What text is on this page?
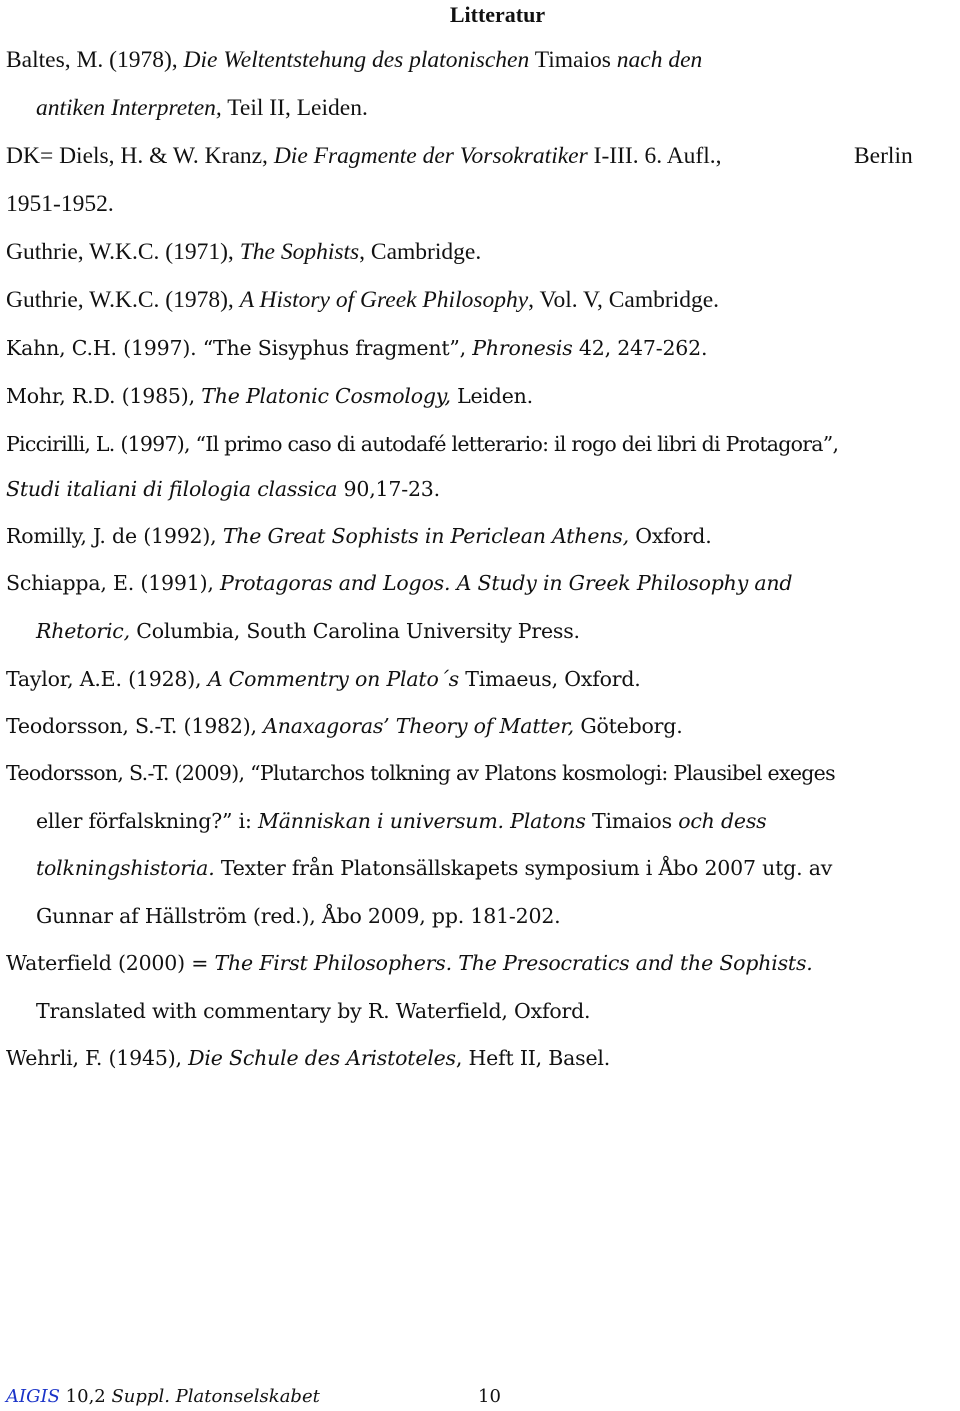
Litteratur
Baltes, M. (1978), Die Weltentstehung des platonischen Timaios nach den
antiken Interpreten, Teil II, Leiden.
DK= Diels, H. & W. Kranz, Die Fragmente der Vorsokratiker I-III. 6. Aufl.,	Berlin
1951-1952.
Guthrie, W.K.C. (1971), The Sophists, Cambridge.
Guthrie, W.K.C. (1978), A History of Greek Philosophy, Vol. V, Cambridge.
Kahn, C.H. (1997). “The Sisyphus fragment”, Phronesis 42, 247-262.
Mohr, R.D. (1985), The Platonic Cosmology, Leiden.
Piccirilli, L. (1997), “Il primo caso di autodafé letterario: il rogo dei libri di Protagora”,
Studi italiani di filologia classica 90,17-23.
Romilly, J. de (1992), The Great Sophists in Periclean Athens, Oxford.
Schiappa, E. (1991), Protagoras and Logos. A Study in Greek Philosophy and
Rhetoric, Columbia, South Carolina University Press.
Taylor, A.E. (1928), A Commentry on Plato´s Timaeus, Oxford.
Teodorsson, S.-T. (1982), Anaxagoras’ Theory of Matter, Göteborg.
Teodorsson, S.-T. (2009), “Plutarchos tolkning av Platons kosmologi: Plausibel exeges
eller förfalskning?” i: Människan i universum. Platons Timaios och dess
tolkningshistoria. Texter från Platonsällskapets symposium i Åbo 2007 utg. av
Gunnar af Hällström (red.), Åbo 2009, pp. 181-202.
Waterfield (2000) = The First Philosophers. The Presocratics and the Sophists.
Translated with commentary by R. Waterfield, Oxford.
Wehrli, F. (1945), Die Schule des Aristoteles, Heft II, Basel.
AIGIS 10,2 Suppl. Platonselskabet	10
